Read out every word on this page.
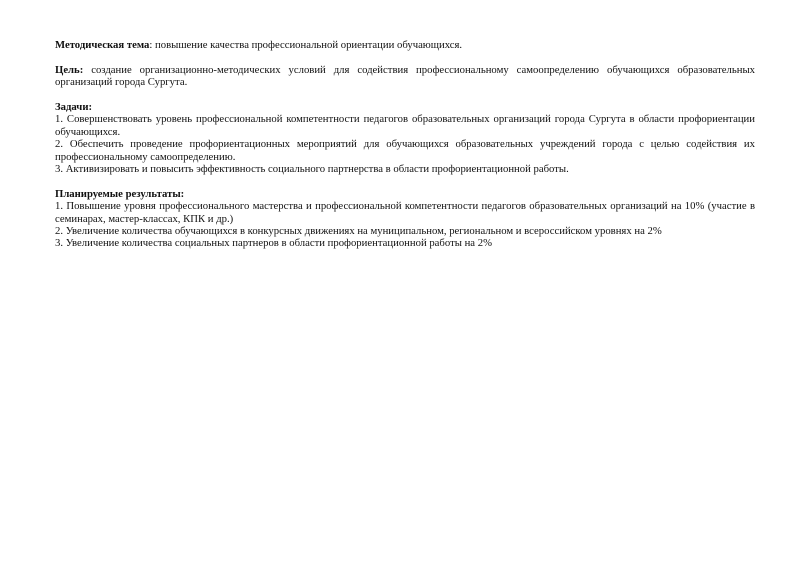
Методическая тема: повышение качества профессиональной ориентации обучающихся.
Цель: создание организационно-методических условий для содействия профессиональному самоопределению обучающихся образовательных организаций города Сургута.
Задачи:
1. Совершенствовать уровень профессиональной компетентности педагогов образовательных организаций города Сургута в области профориентации обучающихся.
2. Обеспечить проведение профориентационных мероприятий для обучающихся образовательных учреждений города с целью содействия их профессиональному самоопределению.
3. Активизировать и повысить эффективность социального партнерства в области профориентационной работы.
Планируемые результаты:
1. Повышение уровня профессионального мастерства и профессиональной компетентности педагогов образовательных организаций на 10% (участие в семинарах, мастер-классах, КПК и др.)
2. Увеличение количества обучающихся в конкурсных движениях на муниципальном, региональном и всероссийском уровнях на 2%
3. Увеличение количества социальных партнеров в области профориентационной работы на 2%
